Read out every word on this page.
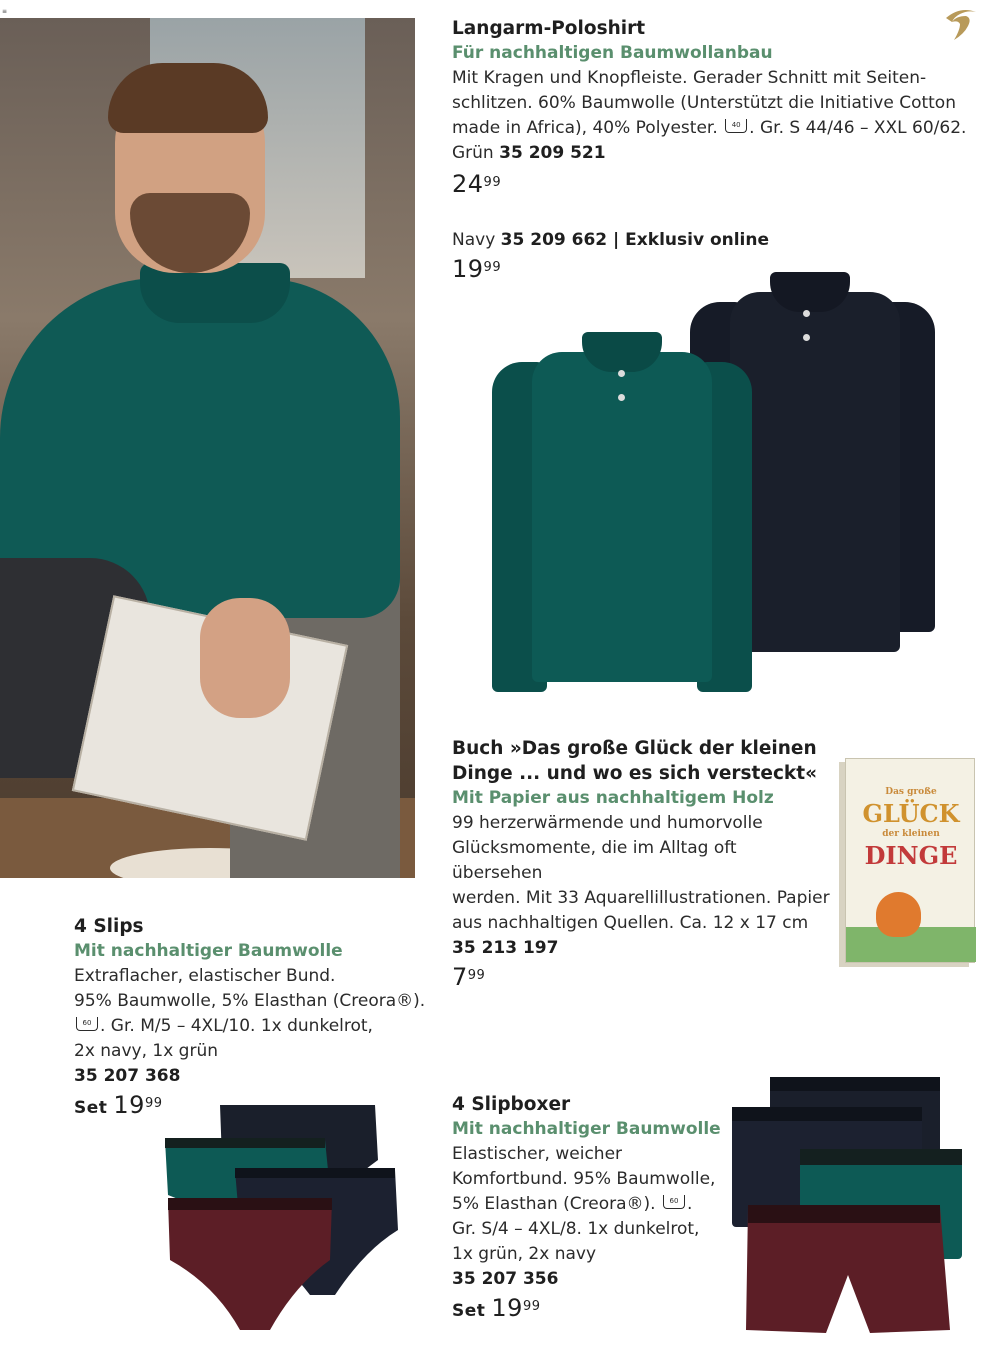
≡
Langarm-Poloshirt
Für nachhaltigen Baumwollanbau
Mit Kragen und Knopfleiste. Gerader Schnitt mit Seiten-
schlitzen. 60% Baumwolle (Unterstützt die Initiative Cotton
made in Africa), 40% Polyester. 40 . Gr. S 44/46 – XXL 60/62.
Grün 35 209 521
$24^{99}$
Navy 35 209 662 | Exklusiv online
$19^{99}$
Buch »Das große Glück der kleinen
Dinge ... und wo es sich versteckt«
Mit Papier aus nachhaltigem Holz
99 herzerwärmende und humorvolle
Glücksmomente, die im Alltag oft übersehen
werden. Mit 33 Aquarellillustrationen. Papier
aus nachhaltigen Quellen. Ca. 12 x 17 cm
35 213 197
$7^{99}$
Das große
GLÜCK
der kleinen
DINGE
4 Slips
Mit nachhaltiger Baumwolle
Extraflacher, elastischer Bund.
95% Baumwolle, 5% Elasthan (Creora®).
60 . Gr. M/5 – 4XL/10. 1x dunkelrot,
2x navy, 1x grün
35 207 368
Set $19^{99}$	4 Slipboxer
Mit nachhaltiger Baumwolle
Elastischer, weicher
Komfortbund. 95% Baumwolle,
5% Elasthan (Creora®). 60 .
Gr. S/4 – 4XL/8. 1x dunkelrot,
1x grün, 2x navy
35 207 356
Set $19^{99}$
